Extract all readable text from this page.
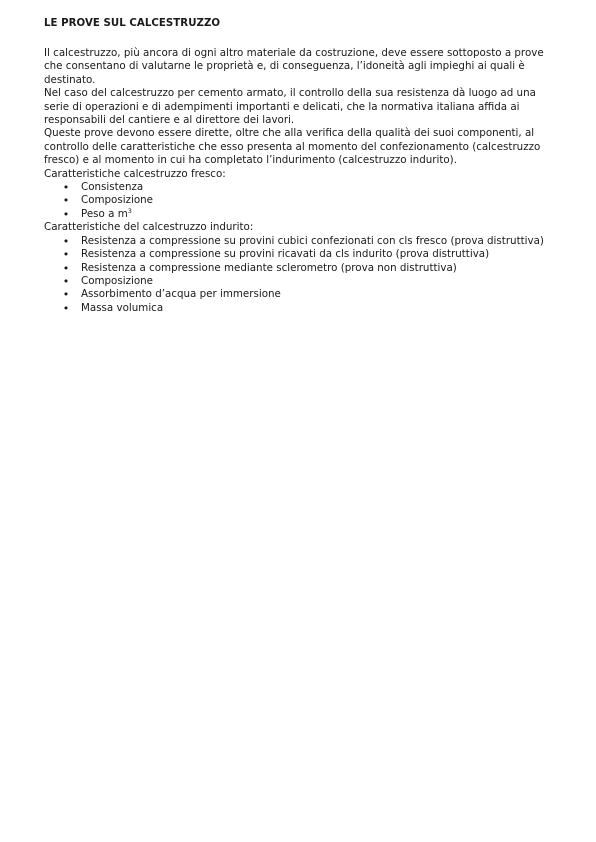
LE PROVE SUL CALCESTRUZZO

Il calcestruzzo, più ancora di ogni altro materiale da costruzione, deve essere sottoposto a prove che consentano di valutarne le proprietà e, di conseguenza, l’idoneità agli impieghi ai quali è destinato.

Nel caso del calcestruzzo per cemento armato, il controllo della sua resistenza dà luogo ad una serie di operazioni e di adempimenti importanti e delicati, che la normativa italiana affida ai responsabili del cantiere e al direttore dei lavori.

Queste prove devono essere dirette, oltre che alla verifica della qualità dei suoi componenti, al controllo delle caratteristiche che esso presenta al momento del confezionamento (calcestruzzo fresco) e al momento in cui ha completato l’indurimento (calcestruzzo indurito).

Caratteristiche calcestruzzo fresco:

• Consistenza
• Composizione
• Peso a $m^3$

Caratteristiche del calcestruzzo indurito:

• Resistenza a compressione su provini cubici confezionati con cls fresco (prova distruttiva)
• Resistenza a compressione su provini ricavati da cls indurito (prova distruttiva)
• Resistenza a compressione mediante sclerometro (prova non distruttiva)
• Composizione
• Assorbimento d’acqua per immersione
• Massa volumica
